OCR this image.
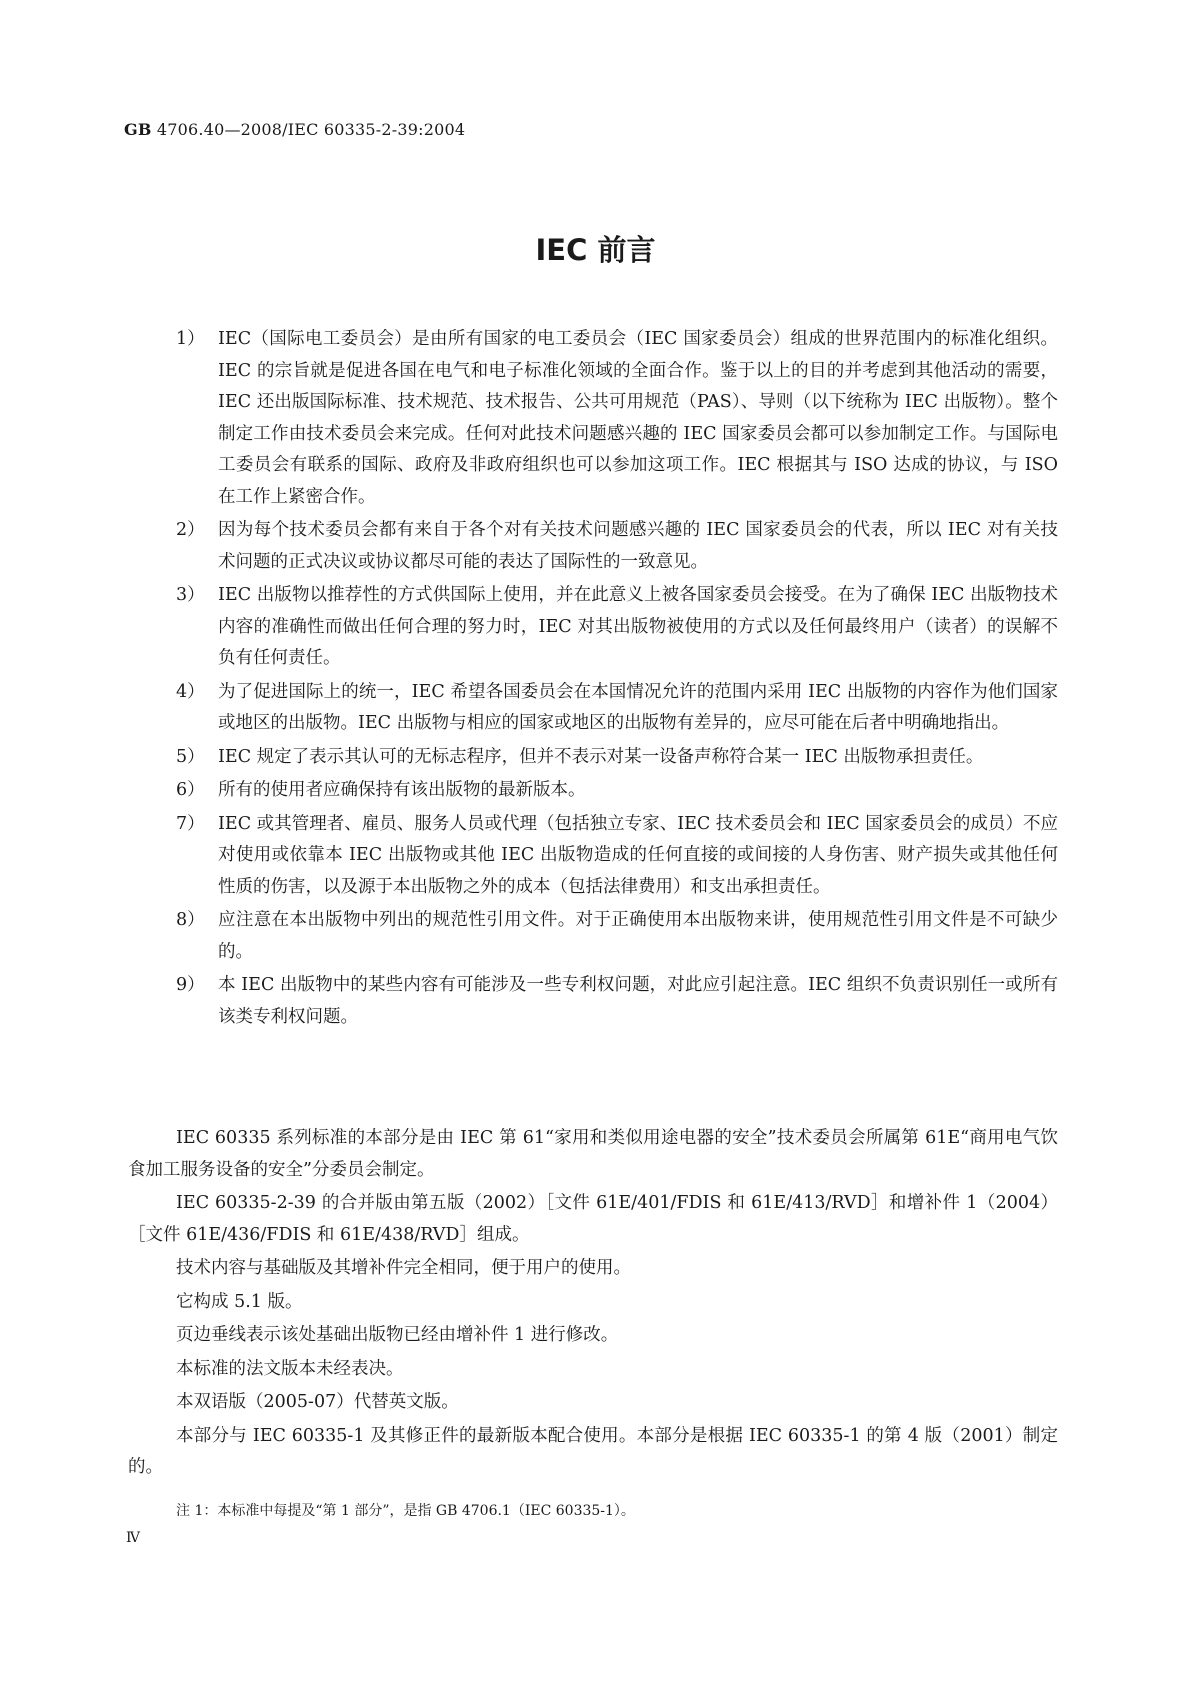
GB 4706.40—2008/IEC 60335-2-39:2004
IEC 前言
1） IEC（国际电工委员会）是由所有国家的电工委员会（IEC 国家委员会）组成的世界范围内的标准化组织。IEC 的宗旨就是促进各国在电气和电子标准化领域的全面合作。鉴于以上的目的并考虑到其他活动的需要，IEC 还出版国际标准、技术规范、技术报告、公共可用规范（PAS）、导则（以下统称为 IEC 出版物）。整个制定工作由技术委员会来完成。任何对此技术问题感兴趣的 IEC 国家委员会都可以参加制定工作。与国际电工委员会有联系的国际、政府及非政府组织也可以参加这项工作。IEC 根据其与 ISO 达成的协议，与 ISO 在工作上紧密合作。
2） 因为每个技术委员会都有来自于各个对有关技术问题感兴趣的 IEC 国家委员会的代表，所以 IEC 对有关技术问题的正式决议或协议都尽可能的表达了国际性的一致意见。
3） IEC 出版物以推荐性的方式供国际上使用，并在此意义上被各国家委员会接受。在为了确保 IEC 出版物技术内容的准确性而做出任何合理的努力时，IEC 对其出版物被使用的方式以及任何最终用户（读者）的误解不负有任何责任。
4） 为了促进国际上的统一，IEC 希望各国委员会在本国情况允许的范围内采用 IEC 出版物的内容作为他们国家或地区的出版物。IEC 出版物与相应的国家或地区的出版物有差异的，应尽可能在后者中明确地指出。
5） IEC 规定了表示其认可的无标志程序，但并不表示对某一设备声称符合某一 IEC 出版物承担责任。
6） 所有的使用者应确保持有该出版物的最新版本。
7） IEC 或其管理者、雇员、服务人员或代理（包括独立专家、IEC 技术委员会和 IEC 国家委员会的成员）不应对使用或依靠本 IEC 出版物或其他 IEC 出版物造成的任何直接的或间接的人身伤害、财产损失或其他任何性质的伤害，以及源于本出版物之外的成本（包括法律费用）和支出承担责任。
8） 应注意在本出版物中列出的规范性引用文件。对于正确使用本出版物来讲，使用规范性引用文件是不可缺少的。
9） 本 IEC 出版物中的某些内容有可能涉及一些专利权问题，对此应引起注意。IEC 组织不负责识别任一或所有该类专利权问题。

IEC 60335 系列标准的本部分是由 IEC 第 61“家用和类似用途电器的安全”技术委员会所属第 61E“商用电气饮食加工服务设备的安全”分委员会制定。

IEC 60335-2-39 的合并版由第五版（2002）［文件 61E/401/FDIS 和 61E/413/RVD］和增补件 1（2004）［文件 61E/436/FDIS 和 61E/438/RVD］组成。

技术内容与基础版及其增补件完全相同，便于用户的使用。

它构成 5.1 版。

页边垂线表示该处基础出版物已经由增补件 1 进行修改。

本标准的法文版本未经表决。

本双语版（2005-07）代替英文版。

本部分与 IEC 60335-1 及其修正件的最新版本配合使用。本部分是根据 IEC 60335-1 的第 4 版（2001）制定的。

注 1：本标准中每提及“第 1 部分”，是指 GB 4706.1（IEC 60335-1）。
Ⅳ
